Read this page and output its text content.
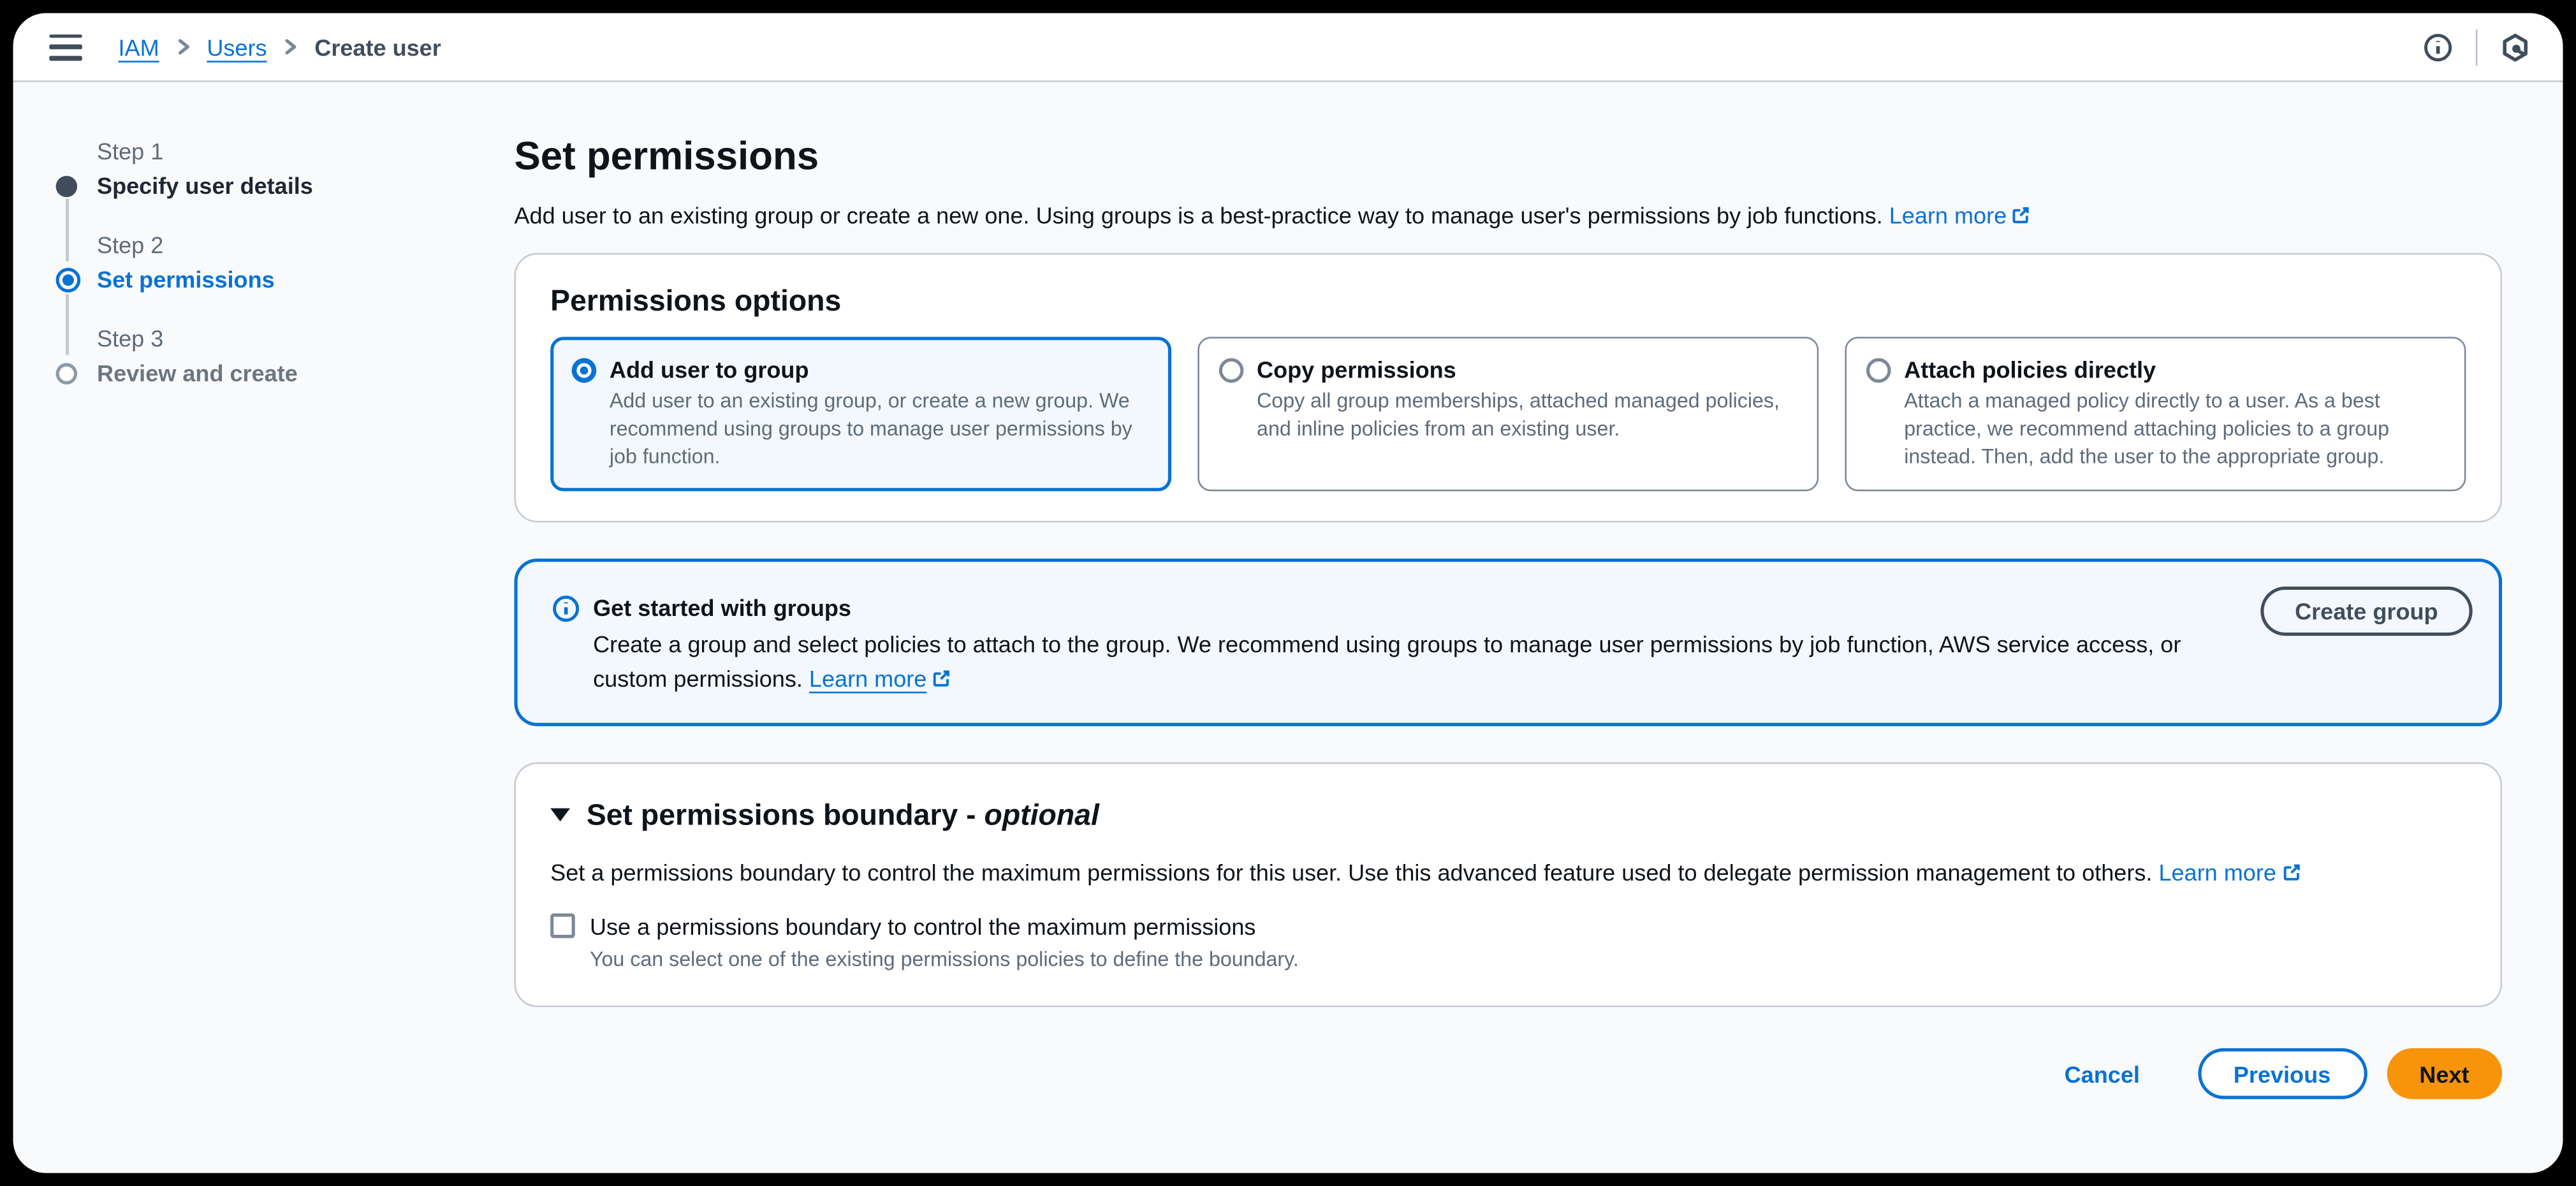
IAM	Users	Create user
Step 1
Specify user details
Step 2
Set permissions
Step 3
Review and create
Set permissions

Add user to an existing group or create a new one. Using groups is a best-practice way to manage user's permissions by job functions. Learn more

Permissions options
Add user to group
Add user to an existing group, or create a new group. We recommend using groups to manage user permissions by job function.
Copy permissions
Copy all group memberships, attached managed policies, and inline policies from an existing user.
Attach policies directly
Attach a managed policy directly to a user. As a best practice, we recommend attaching policies to a group instead. Then, add the user to the appropriate group.
Get started with groups

Create a group and select policies to attach to the group. We recommend using groups to manage user permissions by job function, AWS service access, or custom permissions. Learn more

Create group
Set permissions boundary - optional

Set a permissions boundary to control the maximum permissions for this user. Use this advanced feature used to delegate permission management to others. Learn more

Use a permissions boundary to control the maximum permissions

You can select one of the existing permissions policies to define the boundary.

Cancel	Previous	Next
